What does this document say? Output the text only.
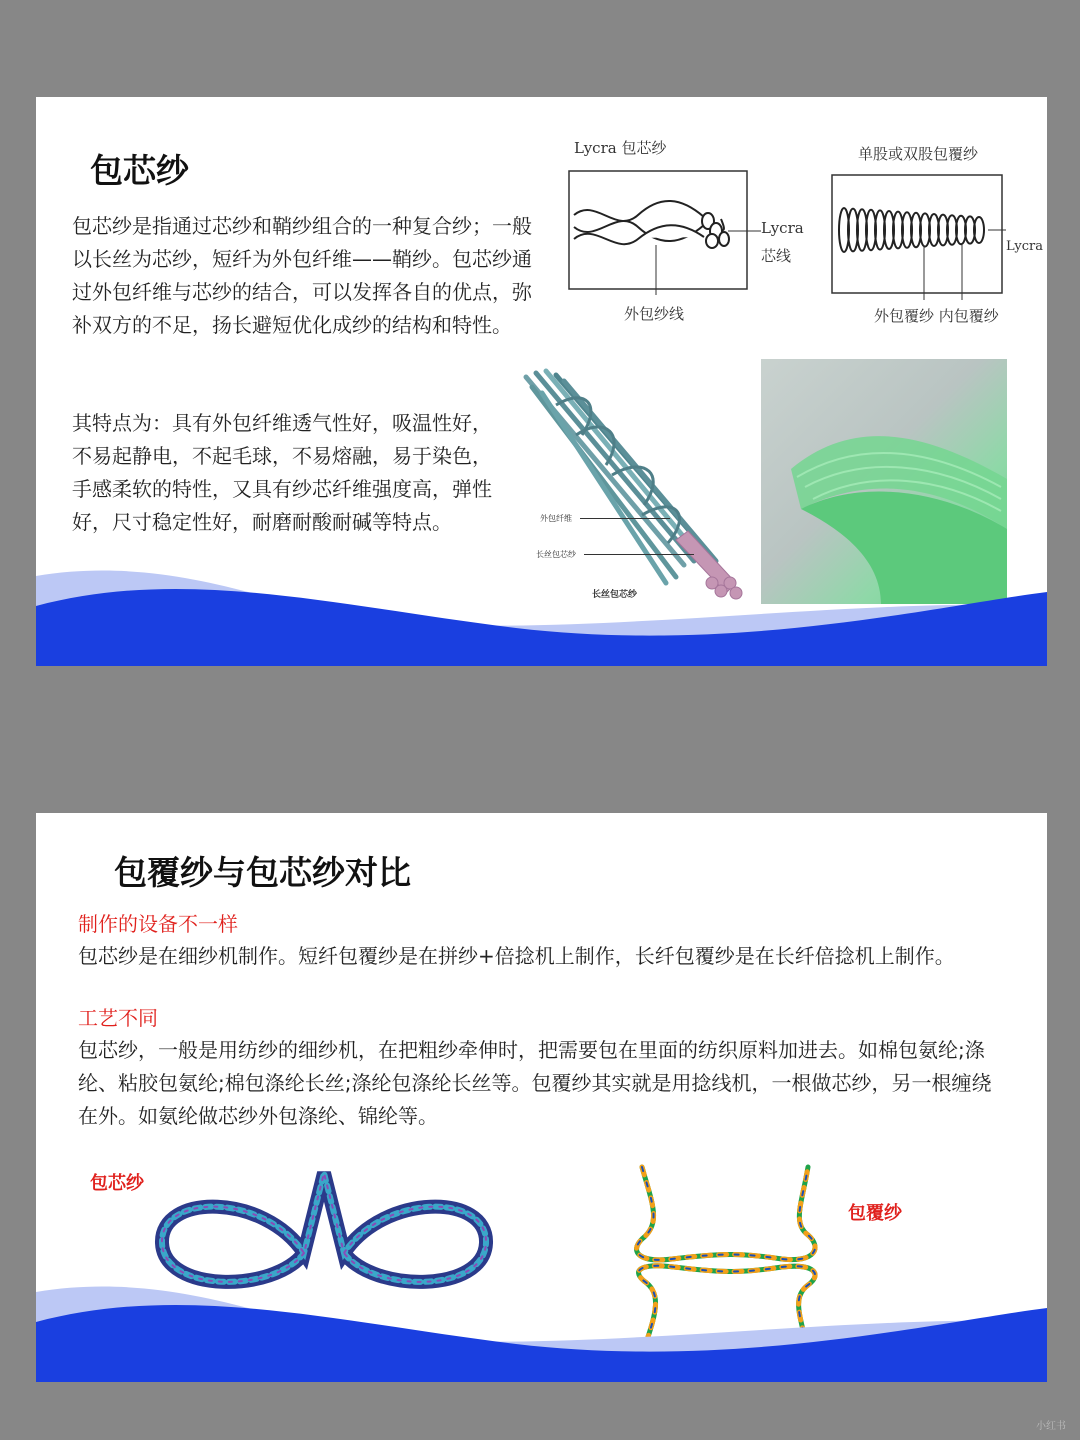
包芯纱

包芯纱是指通过芯纱和鞘纱组合的一种复合纱；一般以长丝为芯纱，短纤为外包纤维——鞘纱。包芯纱通过外包纤维与芯纱的结合，可以发挥各自的优点，弥补双方的不足，扬长避短优化成纱的结构和特性。

其特点为：具有外包纤维透气性好，吸温性好，不易起静电，不起毛球，不易熔融，易于染色，手感柔软的特性，又具有纱芯纤维强度高，弹性好，尺寸稳定性好，耐磨耐酸耐碱等特点。

Lycra 包芯纱
Lycra
芯线
外包纱线
单股或双股包覆纱
Lycra
外包覆纱 内包覆纱
外包纤维
长丝包芯纱
长丝包芯纱
包覆纱与包芯纱对比
制作的设备不一样
包芯纱是在细纱机制作。短纤包覆纱是在拼纱+倍捻机上制作，长纤包覆纱是在长纤倍捻机上制作。
工艺不同
包芯纱，一般是用纺纱的细纱机，在把粗纱牵伸时，把需要包在里面的纺织原料加进去。如棉包氨纶;涤纶、粘胶包氨纶;棉包涤纶长丝;涤纶包涤纶长丝等。包覆纱其实就是用捻线机，一根做芯纱，另一根缠绕在外。如氨纶做芯纱外包涤纶、锦纶等。
包芯纱
包覆纱
小红书
